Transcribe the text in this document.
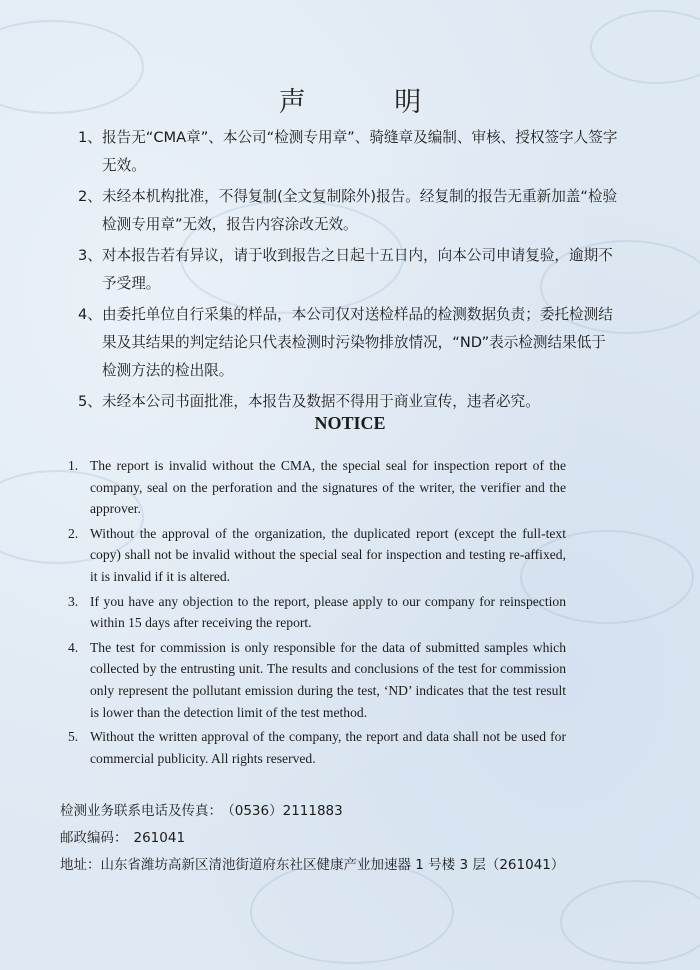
声 明
1、 报告无“CMA章”、本公司“检测专用章”、骑缝章及编制、审核、授权签字人签字无效。
2、 未经本机构批准，不得复制(全文复制除外)报告。经复制的报告无重新加盖“检验检测专用章”无效，报告内容涂改无效。
3、 对本报告若有异议，请于收到报告之日起十五日内，向本公司申请复验，逾期不予受理。
4、 由委托单位自行采集的样品，本公司仅对送检样品的检测数据负责；委托检测结果及其结果的判定结论只代表检测时污染物排放情况，“ND”表示检测结果低于检测方法的检出限。
5、 未经本公司书面批准，本报告及数据不得用于商业宣传，违者必究。
NOTICE
1. The report is invalid without the CMA, the special seal for inspection report of the company, seal on the perforation and the signatures of the writer, the verifier and the approver.
2. Without the approval of the organization, the duplicated report (except the full-text copy) shall not be invalid without the special seal for inspection and testing re-affixed, it is invalid if it is altered.
3. If you have any objection to the report, please apply to our company for reinspection within 15 days after receiving the report.
4. The test for commission is only responsible for the data of submitted samples which collected by the entrusting unit. The results and conclusions of the test for commission only represent the pollutant emission during the test, ‘ND’ indicates that the test result is lower than the detection limit of the test method.
5. Without the written approval of the company, the report and data shall not be used for commercial publicity. All rights reserved.
检测业务联系电话及传真： （0536）2111883
邮政编码： 261041
地址：山东省潍坊高新区清池街道府东社区健康产业加速器 1 号楼 3 层（261041）
